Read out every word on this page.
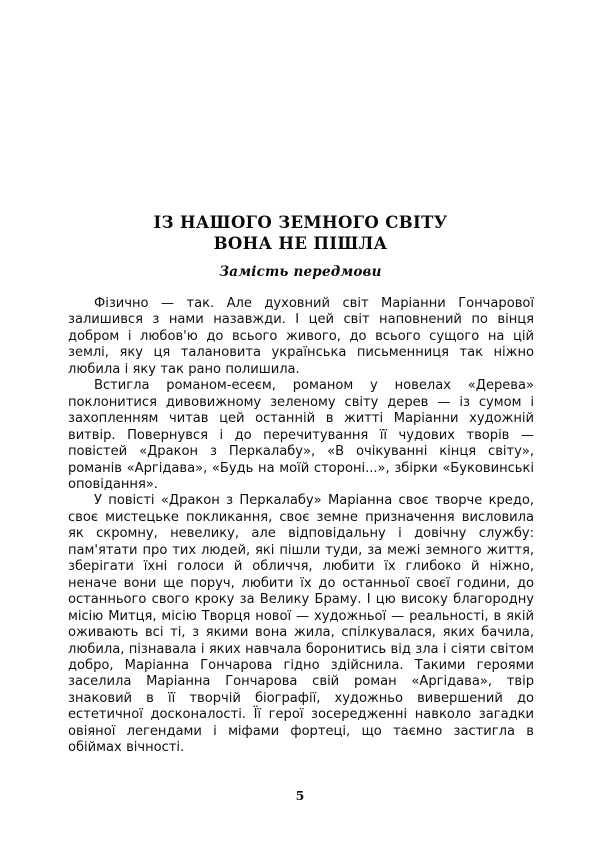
ІЗ НАШОГО ЗЕМНОГО СВІТУ
ВОНА НЕ ПІШЛА
Замість передмови

Фізично — так. Але духовний світ Маріанни Гончарової залишився з нами назавжди. І цей світ наповнений по вінця добром і любов'ю до всього живого, до всього сущого на цій землі, яку ця талановита українська письменниця так ніжно любила і яку так рано полишила.

Встигла романом-есеєм, романом у новелах «Дерева» поклонитися дивовижному зеленому світу дерев — із сумом і захопленням читав цей останній в житті Маріанни художній витвір. Повернувся і до перечитування її чудових творів — повістей «Дракон з Перкалабу», «В очікуванні кінця світу», романів «Аргідава», «Будь на моїй стороні...», збірки «Буковинські оповідання».

У повісті «Дракон з Перкалабу» Маріанна своє творче кредо, своє мистецьке покликання, своє земне призначення висловила як скромну, невелику, але відповідальну і довічну службу: пам'ятати про тих людей, які пішли туди, за межі земного життя, зберігати їхні голоси й обличчя, любити їх глибоко й ніжно, неначе вони ще поруч, любити їх до останньої своєї години, до останнього свого кроку за Велику Браму. І цю високу благородну місію Митця, місію Творця нової — художньої — реальності, в якій оживають всі ті, з якими вона жила, спілкувалася, яких бачила, любила, пізнавала і яких навчала боронитись від зла і сіяти світом добро, Маріанна Гончарова гідно здійснила. Такими героями заселила Маріанна Гончарова свій роман «Аргідава», твір знаковий в її творчій біографії, художньо вивершений до естетичної досконалості. Її герої зосередженні навколо загадки овіяної легендами і міфами фортеці, що таємно застигла в обіймах вічності.

5
